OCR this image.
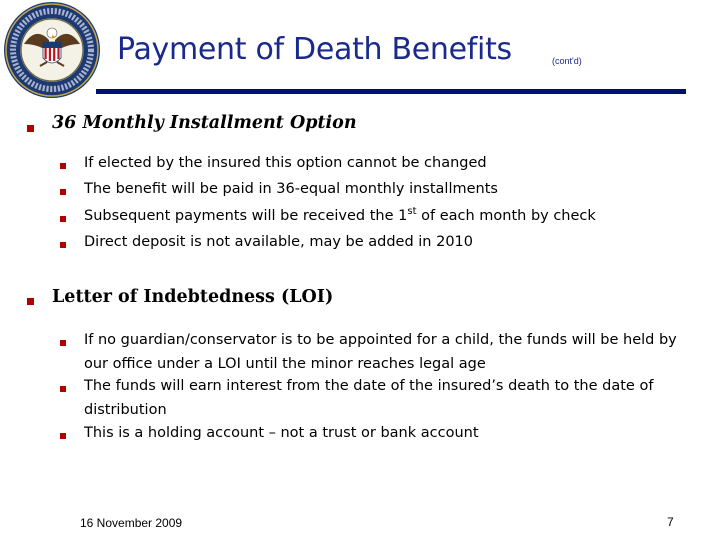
Payment of Death Benefits	(cont'd)
36 Monthly Installment Option
If elected by the insured this option cannot be changed
The benefit will be paid in 36-equal monthly installments
Subsequent payments will be received the 1st of each month by check
Direct deposit is not available, may be added in 2010
Letter of Indebtedness (LOI)
If no guardian/conservator is to be appointed for a child, the funds will be held by our office under a LOI until the minor reaches legal age
The funds will earn interest from the date of the insured’s death to the date of distribution
This is a holding account – not a trust or bank account
16 November 2009	7
